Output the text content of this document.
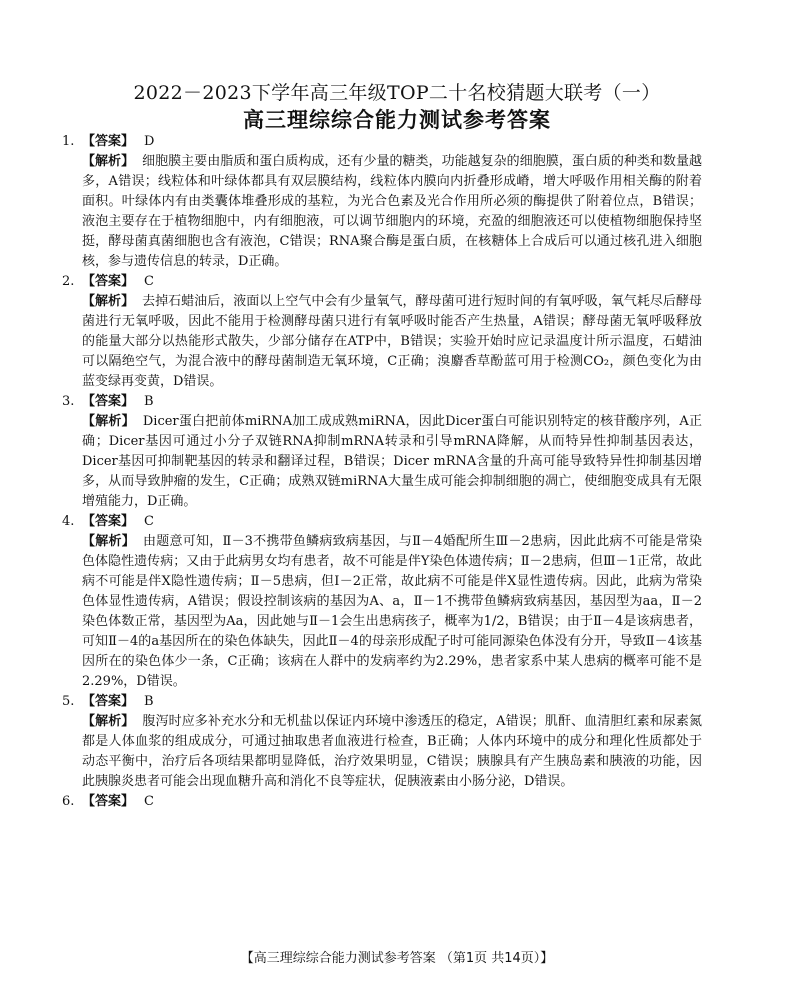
2022－2023下学年高三年级TOP二十名校猜题大联考（一）
高三理综综合能力测试参考答案
1. 【答案】 D
【解析】 细胞膜主要由脂质和蛋白质构成，还有少量的糖类，功能越复杂的细胞膜，蛋白质的种类和数量越多，A错误；线粒体和叶绿体都具有双层膜结构，线粒体内膜向内折叠形成嵴，增大呼吸作用相关酶的附着面积。叶绿体内有由类囊体堆叠形成的基粒，为光合色素及光合作用所必须的酶提供了附着位点，B错误；液泡主要存在于植物细胞中，内有细胞液，可以调节细胞内的环境，充盈的细胞液还可以使植物细胞保持坚挺，酵母菌真菌细胞也含有液泡，C错误；RNA聚合酶是蛋白质，在核糖体上合成后可以通过核孔进入细胞核，参与遗传信息的转录，D正确。
2. 【答案】 C
【解析】 去掉石蜡油后，液面以上空气中会有少量氧气，酵母菌可进行短时间的有氧呼吸，氧气耗尽后酵母菌进行无氧呼吸，因此不能用于检测酵母菌只进行有氧呼吸时能否产生热量，A错误；酵母菌无氧呼吸释放的能量大部分以热能形式散失，少部分储存在ATP中，B错误；实验开始时应记录温度计所示温度，石蜡油可以隔绝空气，为混合液中的酵母菌制造无氧环境，C正确；溴麝香草酚蓝可用于检测CO₂，颜色变化为由蓝变绿再变黄，D错误。
3. 【答案】 B
【解析】 Dicer蛋白把前体miRNA加工成成熟miRNA，因此Dicer蛋白可能识别特定的核苷酸序列，A正确；Dicer基因可通过小分子双链RNA抑制mRNA转录和引导mRNA降解，从而特异性抑制基因表达，Dicer基因可抑制靶基因的转录和翻译过程，B错误；Dicer mRNA含量的升高可能导致特异性抑制基因增多，从而导致肿瘤的发生，C正确；成熟双链miRNA大量生成可能会抑制细胞的凋亡，使细胞变成具有无限增殖能力，D正确。
4. 【答案】 C
【解析】 由题意可知，Ⅱ－3不携带鱼鳞病致病基因，与Ⅱ－4婚配所生Ⅲ－2患病，因此此病不可能是常染色体隐性遗传病；又由于此病男女均有患者，故不可能是伴Y染色体遗传病；Ⅱ－2患病，但Ⅲ－1正常，故此病不可能是伴X隐性遗传病；Ⅱ－5患病，但Ⅰ－2正常，故此病不可能是伴X显性遗传病。因此，此病为常染色体显性遗传病，A错误；假设控制该病的基因为A、a，Ⅱ－1不携带鱼鳞病致病基因，基因型为aa，Ⅱ－2染色体数正常，基因型为Aa，因此她与Ⅱ－1会生出患病孩子，概率为1/2，B错误；由于Ⅱ－4是该病患者，可知Ⅱ－4的a基因所在的染色体缺失，因此Ⅱ－4的母亲形成配子时可能同源染色体没有分开，导致Ⅱ－4该基因所在的染色体少一条，C正确；该病在人群中的发病率约为2.29%，患者家系中某人患病的概率可能不是2.29%，D错误。
5. 【答案】 B
【解析】 腹泻时应多补充水分和无机盐以保证内环境中渗透压的稳定，A错误；肌酐、血清胆红素和尿素氮都是人体血浆的组成成分，可通过抽取患者血液进行检查，B正确；人体内环境中的成分和理化性质都处于动态平衡中，治疗后各项结果都明显降低，治疗效果明显，C错误；胰腺具有产生胰岛素和胰液的功能，因此胰腺炎患者可能会出现血糖升高和消化不良等症状，促胰液素由小肠分泌，D错误。
6. 【答案】 C
【高三理综综合能力测试参考答案 （第1页 共14页）】
